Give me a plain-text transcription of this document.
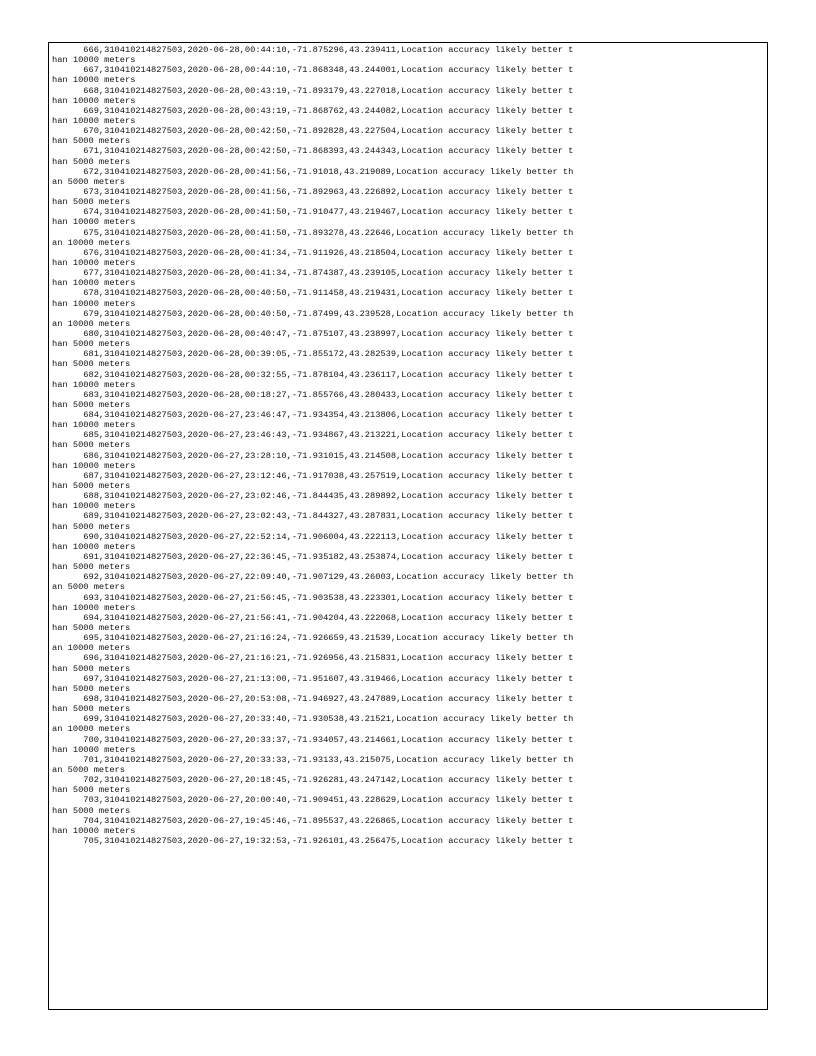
666,310410214827503,2020-06-28,00:44:10,-71.875296,43.239411,Location accuracy likely better t
han 10000 meters
667,310410214827503,2020-06-28,00:44:10,-71.868348,43.244001,Location accuracy likely better t
han 10000 meters
668,310410214827503,2020-06-28,00:43:19,-71.893179,43.227018,Location accuracy likely better t
han 10000 meters
669,310410214827503,2020-06-28,00:43:19,-71.868762,43.244082,Location accuracy likely better t
han 10000 meters
670,310410214827503,2020-06-28,00:42:50,-71.892828,43.227504,Location accuracy likely better t
han 5000 meters
671,310410214827503,2020-06-28,00:42:50,-71.868393,43.244343,Location accuracy likely better t
han 5000 meters
672,310410214827503,2020-06-28,00:41:56,-71.91018,43.219089,Location accuracy likely better th
an 5000 meters
673,310410214827503,2020-06-28,00:41:56,-71.892963,43.226892,Location accuracy likely better t
han 5000 meters
674,310410214827503,2020-06-28,00:41:50,-71.910477,43.219467,Location accuracy likely better t
han 10000 meters
675,310410214827503,2020-06-28,00:41:50,-71.893278,43.22646,Location accuracy likely better th
an 10000 meters
676,310410214827503,2020-06-28,00:41:34,-71.911926,43.218504,Location accuracy likely better t
han 10000 meters
677,310410214827503,2020-06-28,00:41:34,-71.874387,43.239105,Location accuracy likely better t
han 10000 meters
678,310410214827503,2020-06-28,00:40:50,-71.911458,43.219431,Location accuracy likely better t
han 10000 meters
679,310410214827503,2020-06-28,00:40:50,-71.87499,43.239528,Location accuracy likely better th
an 10000 meters
680,310410214827503,2020-06-28,00:40:47,-71.875107,43.238997,Location accuracy likely better t
han 5000 meters
681,310410214827503,2020-06-28,00:39:05,-71.855172,43.282539,Location accuracy likely better t
han 5000 meters
682,310410214827503,2020-06-28,00:32:55,-71.878104,43.236117,Location accuracy likely better t
han 10000 meters
683,310410214827503,2020-06-28,00:18:27,-71.855766,43.280433,Location accuracy likely better t
han 5000 meters
684,310410214827503,2020-06-27,23:46:47,-71.934354,43.213806,Location accuracy likely better t
han 10000 meters
685,310410214827503,2020-06-27,23:46:43,-71.934867,43.213221,Location accuracy likely better t
han 5000 meters
686,310410214827503,2020-06-27,23:28:10,-71.931015,43.214508,Location accuracy likely better t
han 10000 meters
687,310410214827503,2020-06-27,23:12:46,-71.917038,43.257519,Location accuracy likely better t
han 5000 meters
688,310410214827503,2020-06-27,23:02:46,-71.844435,43.289892,Location accuracy likely better t
han 10000 meters
689,310410214827503,2020-06-27,23:02:43,-71.844327,43.287831,Location accuracy likely better t
han 5000 meters
690,310410214827503,2020-06-27,22:52:14,-71.906004,43.222113,Location accuracy likely better t
han 10000 meters
691,310410214827503,2020-06-27,22:36:45,-71.935182,43.253874,Location accuracy likely better t
han 5000 meters
692,310410214827503,2020-06-27,22:09:40,-71.907129,43.26003,Location accuracy likely better th
an 5000 meters
693,310410214827503,2020-06-27,21:56:45,-71.903538,43.223301,Location accuracy likely better t
han 10000 meters
694,310410214827503,2020-06-27,21:56:41,-71.904204,43.222068,Location accuracy likely better t
han 5000 meters
695,310410214827503,2020-06-27,21:16:24,-71.926659,43.21539,Location accuracy likely better th
an 10000 meters
696,310410214827503,2020-06-27,21:16:21,-71.926956,43.215831,Location accuracy likely better t
han 5000 meters
697,310410214827503,2020-06-27,21:13:00,-71.951607,43.319466,Location accuracy likely better t
han 5000 meters
698,310410214827503,2020-06-27,20:53:08,-71.946927,43.247889,Location accuracy likely better t
han 5000 meters
699,310410214827503,2020-06-27,20:33:40,-71.930538,43.21521,Location accuracy likely better th
an 10000 meters
700,310410214827503,2020-06-27,20:33:37,-71.934057,43.214661,Location accuracy likely better t
han 10000 meters
701,310410214827503,2020-06-27,20:33:33,-71.93133,43.215075,Location accuracy likely better th
an 5000 meters
702,310410214827503,2020-06-27,20:18:45,-71.926281,43.247142,Location accuracy likely better t
han 5000 meters
703,310410214827503,2020-06-27,20:00:40,-71.909451,43.228629,Location accuracy likely better t
han 5000 meters
704,310410214827503,2020-06-27,19:45:46,-71.895537,43.226865,Location accuracy likely better t
han 10000 meters
705,310410214827503,2020-06-27,19:32:53,-71.926101,43.256475,Location accuracy likely better t
